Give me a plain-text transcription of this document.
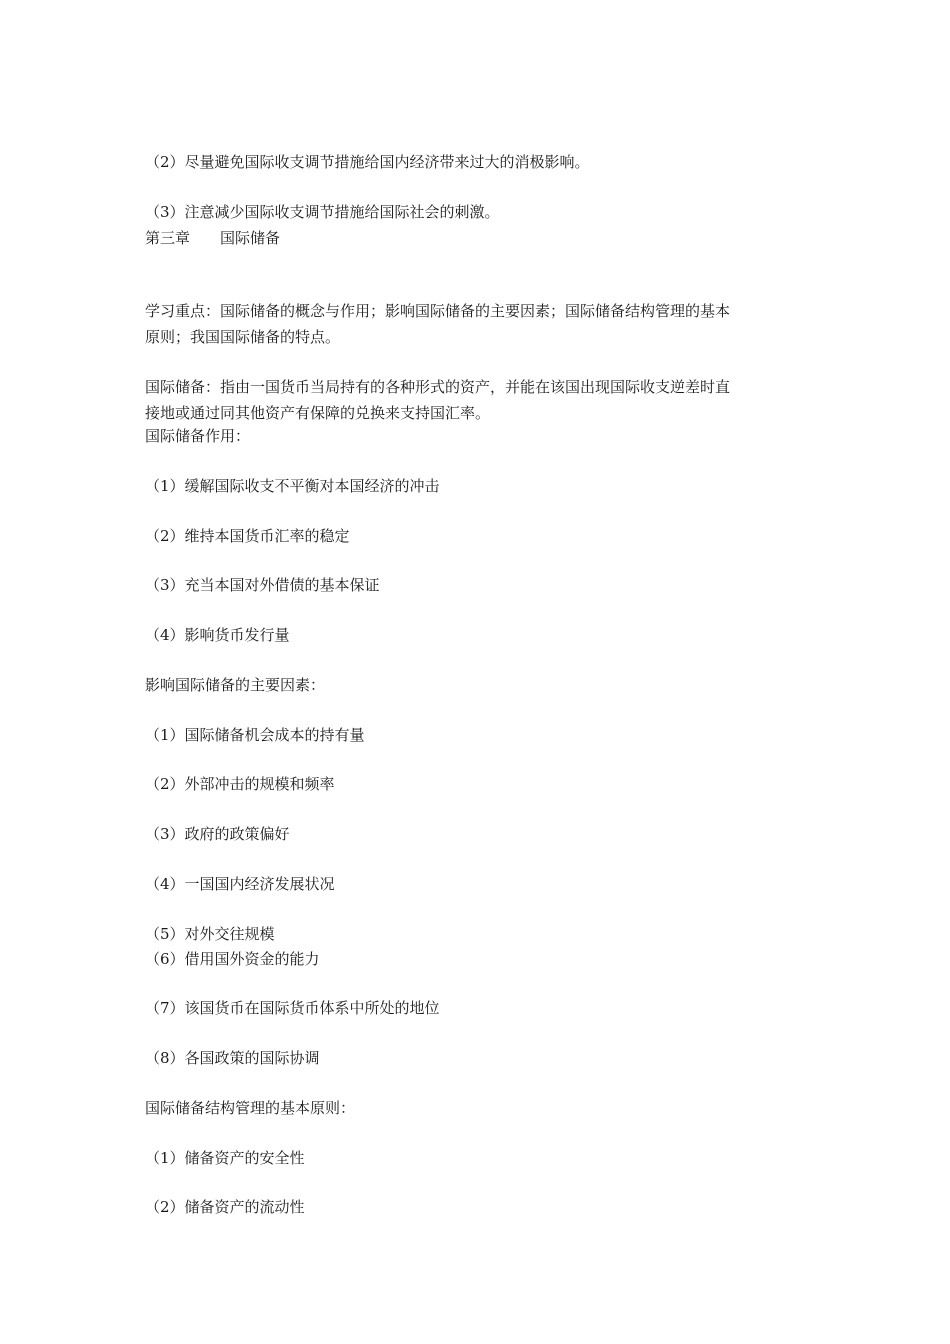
（2）尽量避免国际收支调节措施给国内经济带来过大的消极影响。
（3）注意减少国际收支调节措施给国际社会的刺激。
第三章　　国际储备
学习重点：国际储备的概念与作用；影响国际储备的主要因素；国际储备结构管理的基本
原则；我国国际储备的特点。
国际储备：指由一国货币当局持有的各种形式的资产，并能在该国出现国际收支逆差时直
接地或通过同其他资产有保障的兑换来支持国汇率。
国际储备作用：
（1）缓解国际收支不平衡对本国经济的冲击
（2）维持本国货币汇率的稳定
（3）充当本国对外借债的基本保证
（4）影响货币发行量
影响国际储备的主要因素：
（1）国际储备机会成本的持有量
（2）外部冲击的规模和频率
（3）政府的政策偏好
（4）一国国内经济发展状况
（5）对外交往规模
（6）借用国外资金的能力
（7）该国货币在国际货币体系中所处的地位
（8）各国政策的国际协调
国际储备结构管理的基本原则：
（1）储备资产的安全性
（2）储备资产的流动性
